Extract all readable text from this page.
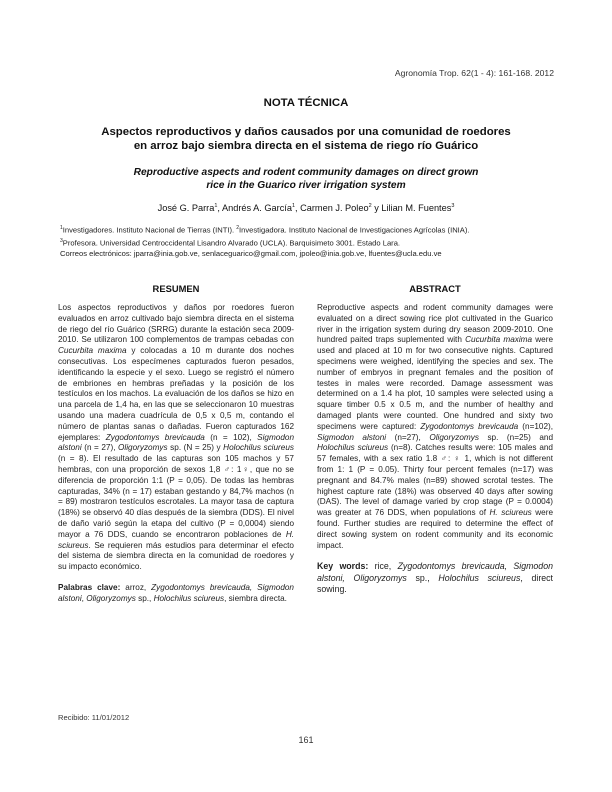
Agronomía Trop. 62(1 - 4): 161-168. 2012
NOTA TÉCNICA
Aspectos reproductivos y daños causados por una comunidad de roedores
en arroz bajo siembra directa en el sistema de riego río Guárico
Reproductive aspects and rodent community damages on direct grown
rice in the Guarico river irrigation system
José G. Parra$^1$, Andrés A. García$^1$, Carmen J. Poleo$^2$ y Lilian M. Fuentes$^3$
$^1$Investigadores. Instituto Nacional de Tierras (INTI). $^2$Investigadora. Instituto Nacional de Investigaciones Agrícolas (INIA).
$^3$Profesora. Universidad Centroccidental Lisandro Alvarado (UCLA). Barquisimeto 3001. Estado Lara.
Correos electrónicos: jparra@inia.gob.ve, senlaceguarico@gmail.com, jpoleo@inia.gob.ve, lfuentes@ucla.edu.ve
RESUMEN	ABSTRACT

Los aspectos reproductivos y daños por roedores fueron evaluados en arroz cultivado bajo siembra directa en el sistema de riego del río Guárico (SRRG) durante la estación seca 2009-2010. Se utilizaron 100 complementos de trampas cebadas con Cucurbita maxima y colocadas a 10 m durante dos noches consecutivas. Los especímenes capturados fueron pesados, identificando la especie y el sexo. Luego se registró el número de embriones en hembras preñadas y la posición de los testículos en los machos. La evaluación de los daños se hizo en una parcela de 1,4 ha, en las que se seleccionaron 10 muestras usando una madera cuadrícula de 0,5 x 0,5 m, contando el número de plantas sanas o dañadas. Fueron capturados 162 ejemplares: Zygodontomys brevicauda (n = 102), Sigmodon alstoni (n = 27), Oligoryzomys sp. (N = 25) y Holochilus sciureus (n = 8). El resultado de las capturas son 105 machos y 57 hembras, con una proporción de sexos 1,8 ♂: 1♀, que no se diferencia de proporción 1:1 (P = 0,05). De todas las hembras capturadas, 34% (n = 17) estaban gestando y 84,7% machos (n = 89) mostraron testículos escrotales. La mayor tasa de captura (18%) se observó 40 días después de la siembra (DDS). El nivel de daño varió según la etapa del cultivo (P = 0,0004) siendo mayor a 76 DDS, cuando se encontraron poblaciones de H. sciureus. Se requieren más estudios para determinar el efecto del sistema de siembra directa en la comunidad de roedores y su impacto económico.

Palabras clave: arroz, Zygodontomys brevicauda, Sigmodon alstoni, Oligoryzomys sp., Holochilus sciureus, siembra directa.

Reproductive aspects and rodent community damages were evaluated on a direct sowing rice plot cultivated in the Guarico river in the irrigation system during dry season 2009-2010. One hundred paited traps suplemented with Cucurbita maxima were used and placed at 10 m for two consecutive nights. Captured specimens were weighed, identifying the species and sex. The number of embryos in pregnant females and the position of testes in males were recorded. Damage assessment was determined on a 1.4 ha plot, 10 samples were selected using a square timber 0.5 x 0.5 m, and the number of healthy and damaged plants were counted. One hundred and sixty two specimens were captured: Zygodontomys brevicauda (n=102), Sigmodon alstoni (n=27), Oligoryzomys sp. (n=25) and Holochilus sciureus (n=8). Catches results were: 105 males and 57 females, with a sex ratio 1.8 ♂: ♀ 1, which is not different from 1: 1 (P = 0.05). Thirty four percent females (n=17) was pregnant and 84.7% males (n=89) showed scrotal testes. The highest capture rate (18%) was observed 40 days after sowing (DAS). The level of damage varied by crop stage (P = 0.0004) was greater at 76 DDS, when populations of H. sciureus were found. Further studies are required to determine the effect of direct sowing system on rodent community and its economic impact.

Key words: rice, Zygodontomys brevicauda, Sigmodon alstoni, Oligoryzomys sp., Holochilus sciureus, direct sowing.

Recibido: 11/01/2012
161
